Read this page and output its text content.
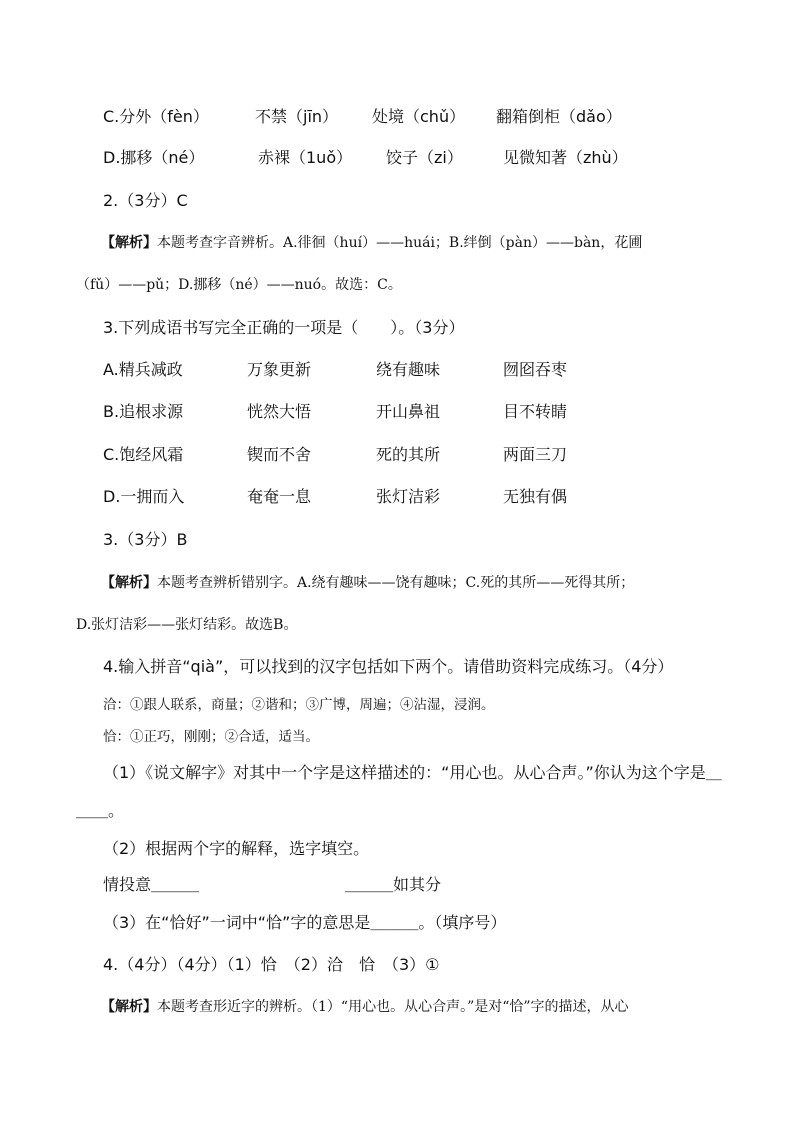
C.分外（fèn）	不禁（jīn） 处境（chǔ） 翻箱倒柜（dǎo）
D.挪移（né）	赤裸（1uǒ） 饺子（zi）	见微知著（zhù）
2.（3分）C
【解析】本题考查字音辨析。A.徘徊（huí）——huái；B.绊倒（pàn）——bàn，花圃
（fǔ）——pǔ；D.挪移（né）——nuó。故选：C。
3.下列成语书写完全正确的一项是（　　）。（3分）
A.精兵减政	万象更新	绕有趣味	囫囵吞枣
B.追根求源	恍然大悟	开山鼻祖	目不转睛
C.饱经风霜	锲而不舍	死的其所	两面三刀
D.一拥而入	奄奄一息	张灯洁彩	无独有偶
3.（3分）B
【解析】本题考查辨析错别字。A.绕有趣味——饶有趣味；C.死的其所——死得其所；
D.张灯洁彩——张灯结彩。故选B。
4.输入拼音“qià”，可以找到的汉字包括如下两个。请借助资料完成练习。（4分）
洽：①跟人联系，商量；②谐和；③广博，周遍；④沾湿，浸润。
恰：①正巧，刚刚；②合适，适当。
（1）《说文解字》对其中一个字是这样描述的：“用心也。从心合声。”你认为这个字是＿
＿＿。
（2）根据两个字的解释，选字填空。
情投意＿＿＿	＿＿＿如其分
（3）在“恰好”一词中“恰”字的意思是＿＿＿。（填序号）
4.（4分）（4分）（1）恰　（2）洽　恰　（3）①
【解析】本题考查形近字的辨析。（1）“用心也。从心合声。”是对“恰”字的描述，从心
